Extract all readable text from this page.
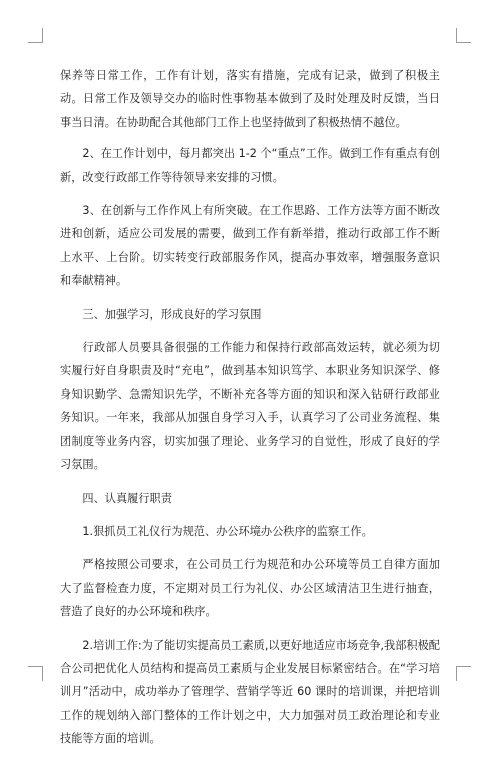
保养等日常工作，工作有计划，落实有措施，完成有记录，做到了积极主动。日常工作及领导交办的临时性事物基本做到了及时处理及时反馈，当日事当日清。在协助配合其他部门工作上也坚持做到了积极热情不越位。

2、在工作计划中，每月都突出 1-2 个“重点”工作。做到工作有重点有创新，改变行政部工作等待领导来安排的习惯。

3、在创新与工作作风上有所突破。在工作思路、工作方法等方面不断改进和创新，适应公司发展的需要，做到工作有新举措，推动行政部工作不断上水平、上台阶。切实转变行政部服务作风，提高办事效率，增强服务意识和奉献精神。

三、加强学习，形成良好的学习氛围

行政部人员要具备很强的工作能力和保持行政部高效运转，就必须为切实履行好自身职责及时“充电”，做到基本知识笃学、本职业务知识深学、修身知识勤学、急需知识先学，不断补充各等方面的知识和深入钻研行政部业务知识。一年来，我部从加强自身学习入手，认真学习了公司业务流程、集团制度等业务内容，切实加强了理论、业务学习的自觉性，形成了良好的学习氛围。

四、认真履行职责

1.狠抓员工礼仪行为规范、办公环境办公秩序的监察工作。

严格按照公司要求，在公司员工行为规范和办公环境等员工自律方面加大了监督检查力度，不定期对员工行为礼仪、办公区域清洁卫生进行抽查，营造了良好的办公环境和秩序。

2.培训工作:为了能切实提高员工素质,以更好地适应市场竞争,我部积极配合公司把优化人员结构和提高员工素质与企业发展目标紧密结合。在“学习培训月”活动中，成功举办了管理学、营销学等近 60 课时的培训课，并把培训工作的规划纳入部门整体的工作计划之中，大力加强对员工政治理论和专业技能等方面的培训。
